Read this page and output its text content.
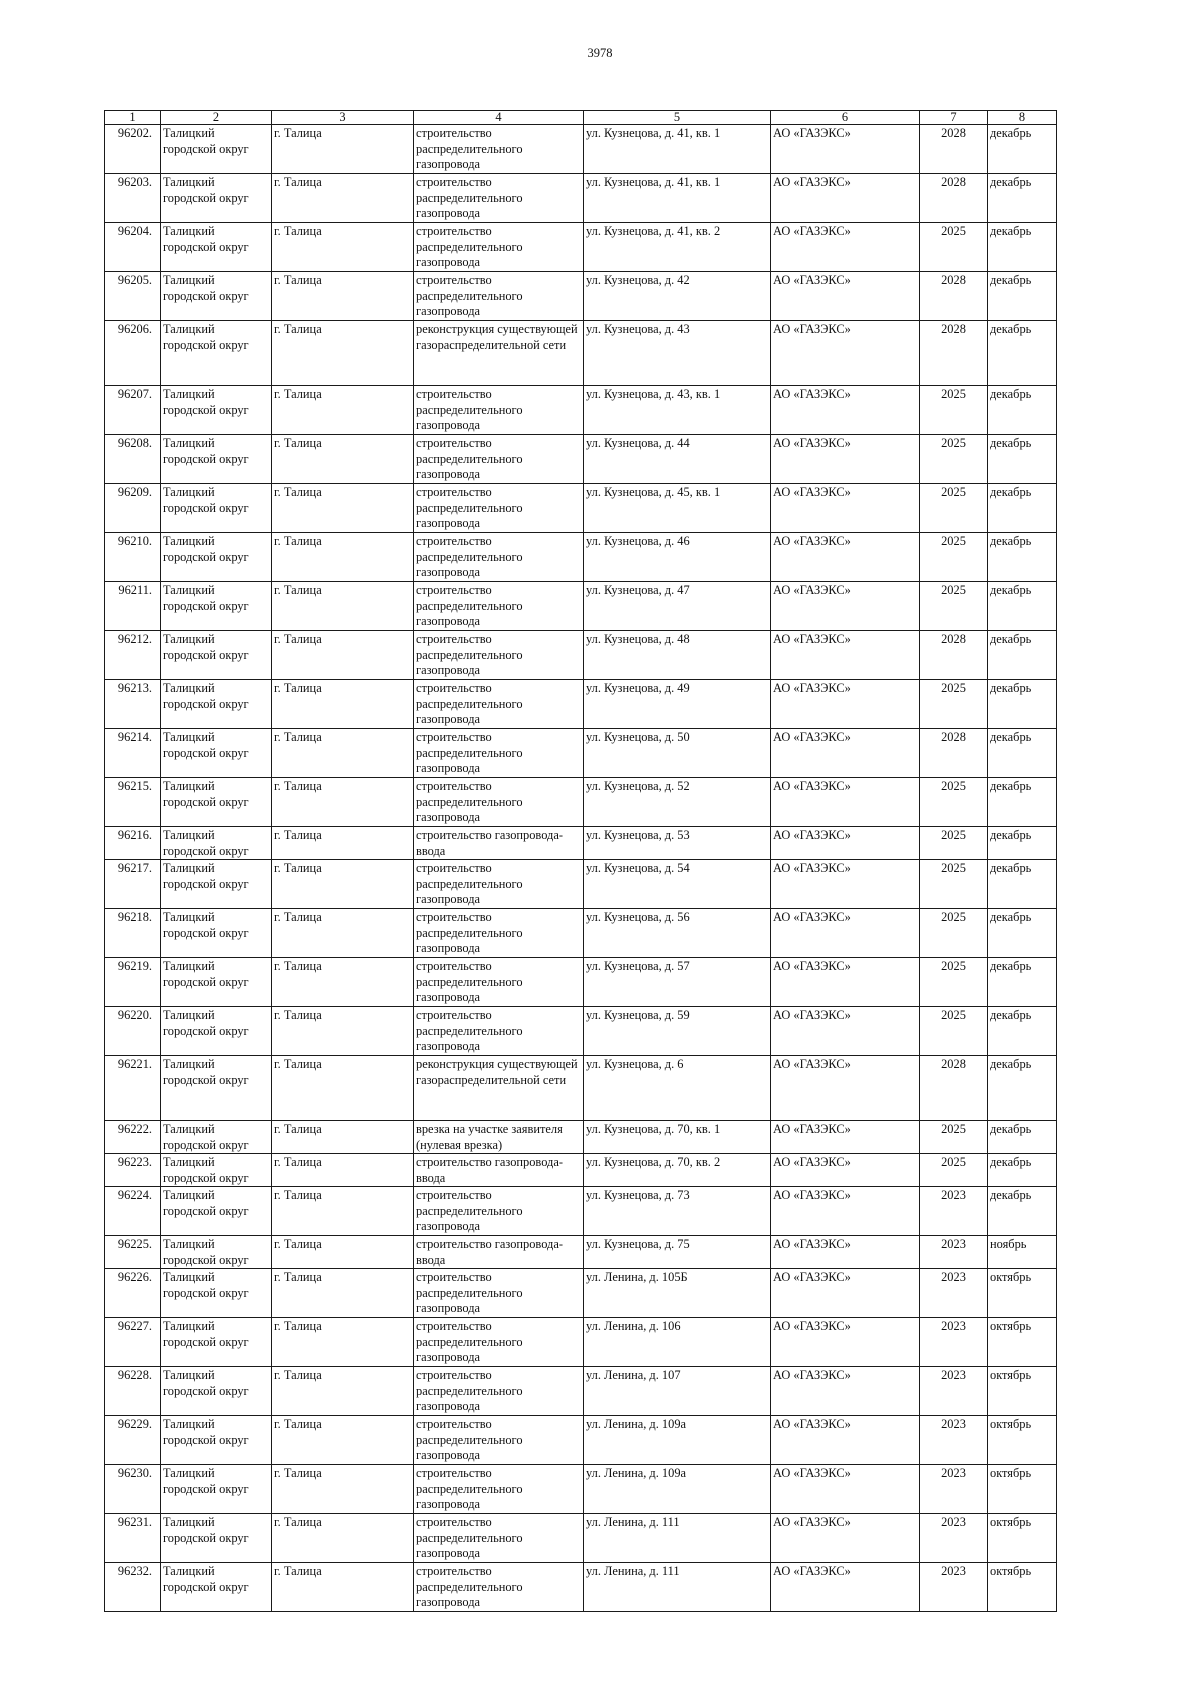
3978
1	2	3	4	5	6	7	8
96202.	Талицкий городской округ	г. Талица	строительство распределительного газопровода	ул. Кузнецова, д. 41, кв. 1	АО «ГАЗЭКС»	2028	декабрь
96203.	Талицкий городской округ	г. Талица	строительство распределительного газопровода	ул. Кузнецова, д. 41, кв. 1	АО «ГАЗЭКС»	2028	декабрь
96204.	Талицкий городской округ	г. Талица	строительство распределительного газопровода	ул. Кузнецова, д. 41, кв. 2	АО «ГАЗЭКС»	2025	декабрь
96205.	Талицкий городской округ	г. Талица	строительство распределительного газопровода	ул. Кузнецова, д. 42	АО «ГАЗЭКС»	2028	декабрь
96206.	Талицкий городской округ	г. Талица	реконструкция существующей газораспределительной сети	ул. Кузнецова, д. 43	АО «ГАЗЭКС»	2028	декабрь
96207.	Талицкий городской округ	г. Талица	строительство распределительного газопровода	ул. Кузнецова, д. 43, кв. 1	АО «ГАЗЭКС»	2025	декабрь
96208.	Талицкий городской округ	г. Талица	строительство распределительного газопровода	ул. Кузнецова, д. 44	АО «ГАЗЭКС»	2025	декабрь
96209.	Талицкий городской округ	г. Талица	строительство распределительного газопровода	ул. Кузнецова, д. 45, кв. 1	АО «ГАЗЭКС»	2025	декабрь
96210.	Талицкий городской округ	г. Талица	строительство распределительного газопровода	ул. Кузнецова, д. 46	АО «ГАЗЭКС»	2025	декабрь
96211.	Талицкий городской округ	г. Талица	строительство распределительного газопровода	ул. Кузнецова, д. 47	АО «ГАЗЭКС»	2025	декабрь
96212.	Талицкий городской округ	г. Талица	строительство распределительного газопровода	ул. Кузнецова, д. 48	АО «ГАЗЭКС»	2028	декабрь
96213.	Талицкий городской округ	г. Талица	строительство распределительного газопровода	ул. Кузнецова, д. 49	АО «ГАЗЭКС»	2025	декабрь
96214.	Талицкий городской округ	г. Талица	строительство распределительного газопровода	ул. Кузнецова, д. 50	АО «ГАЗЭКС»	2028	декабрь
96215.	Талицкий городской округ	г. Талица	строительство распределительного газопровода	ул. Кузнецова, д. 52	АО «ГАЗЭКС»	2025	декабрь
96216.	Талицкий городской округ	г. Талица	строительство газопровода-ввода	ул. Кузнецова, д. 53	АО «ГАЗЭКС»	2025	декабрь
96217.	Талицкий городской округ	г. Талица	строительство распределительного газопровода	ул. Кузнецова, д. 54	АО «ГАЗЭКС»	2025	декабрь
96218.	Талицкий городской округ	г. Талица	строительство распределительного газопровода	ул. Кузнецова, д. 56	АО «ГАЗЭКС»	2025	декабрь
96219.	Талицкий городской округ	г. Талица	строительство распределительного газопровода	ул. Кузнецова, д. 57	АО «ГАЗЭКС»	2025	декабрь
96220.	Талицкий городской округ	г. Талица	строительство распределительного газопровода	ул. Кузнецова, д. 59	АО «ГАЗЭКС»	2025	декабрь
96221.	Талицкий городской округ	г. Талица	реконструкция существующей газораспределительной сети	ул. Кузнецова, д. 6	АО «ГАЗЭКС»	2028	декабрь
96222.	Талицкий городской округ	г. Талица	врезка на участке заявителя (нулевая врезка)	ул. Кузнецова, д. 70, кв. 1	АО «ГАЗЭКС»	2025	декабрь
96223.	Талицкий городской округ	г. Талица	строительство газопровода-ввода	ул. Кузнецова, д. 70, кв. 2	АО «ГАЗЭКС»	2025	декабрь
96224.	Талицкий городской округ	г. Талица	строительство распределительного газопровода	ул. Кузнецова, д. 73	АО «ГАЗЭКС»	2023	декабрь
96225.	Талицкий городской округ	г. Талица	строительство газопровода-ввода	ул. Кузнецова, д. 75	АО «ГАЗЭКС»	2023	ноябрь
96226.	Талицкий городской округ	г. Талица	строительство распределительного газопровода	ул. Ленина, д. 105Б	АО «ГАЗЭКС»	2023	октябрь
96227.	Талицкий городской округ	г. Талица	строительство распределительного газопровода	ул. Ленина, д. 106	АО «ГАЗЭКС»	2023	октябрь
96228.	Талицкий городской округ	г. Талица	строительство распределительного газопровода	ул. Ленина, д. 107	АО «ГАЗЭКС»	2023	октябрь
96229.	Талицкий городской округ	г. Талица	строительство распределительного газопровода	ул. Ленина, д. 109а	АО «ГАЗЭКС»	2023	октябрь
96230.	Талицкий городской округ	г. Талица	строительство распределительного газопровода	ул. Ленина, д. 109а	АО «ГАЗЭКС»	2023	октябрь
96231.	Талицкий городской округ	г. Талица	строительство распределительного газопровода	ул. Ленина, д. 111	АО «ГАЗЭКС»	2023	октябрь
96232.	Талицкий городской округ	г. Талица	строительство распределительного газопровода	ул. Ленина, д. 111	АО «ГАЗЭКС»	2023	октябрь
